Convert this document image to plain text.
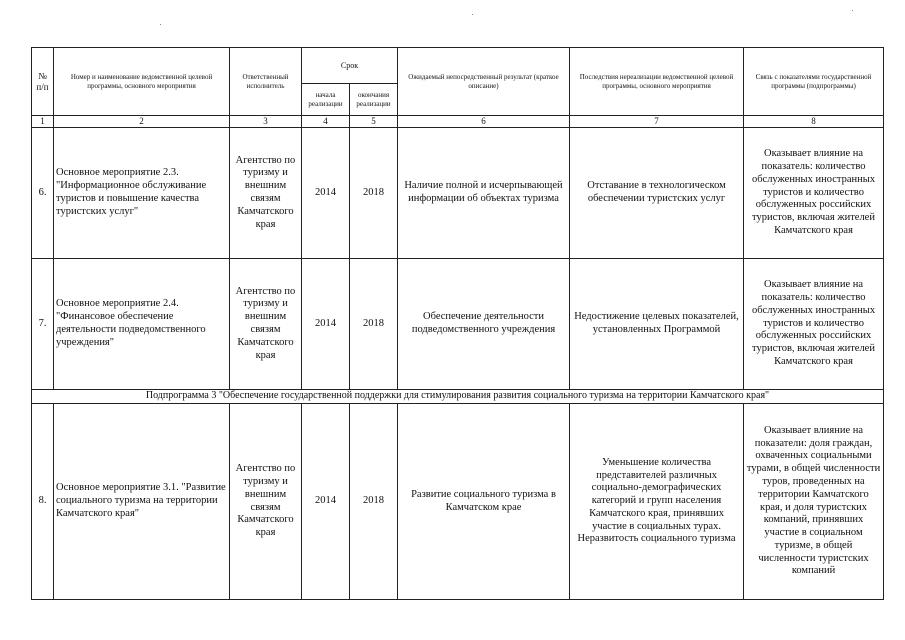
№ п/п	Номер и наименование ведомственной целевой программы, основного мероприятия	Ответственный исполнитель	Срок		Ожидаемый непосредственный результат (краткое описание)	Последствия нереализации ведомственной целевой программы, основного мероприятия	Связь с показателями государственной программы (подпрограммы)
			начала реализации	окончания реализации			
1	2	3	4	5	6	7	8
6.	Основное мероприятие 2.3. "Информационное обслуживание туристов и повышение качества туристских услуг"	Агентство по туризму и внешним связям Камчатского края	2014	2018	Наличие полной и исчерпывающей информации об объектах туризма	Отставание в технологическом обеспечении туристских услуг	Оказывает влияние на показатель: количество обслуженных иностранных туристов и количество обслуженных российских туристов, включая жителей Камчатского края
7.	Основное мероприятие 2.4. "Финансовое обеспечение деятельности подведомственного учреждения"	Агентство по туризму и внешним связям Камчатского края	2014	2018	Обеспечение деятельности подведомственного учреждения	Недостижение целевых показателей, установленных Программой	Оказывает влияние на показатель: количество обслуженных иностранных туристов и количество обслуженных российских туристов, включая жителей Камчатского края
Подпрограмма 3 "Обеспечение государственной поддержки для стимулирования развития социального туризма на территории Камчатского края"							
8.	Основное мероприятие 3.1. "Развитие социального туризма на территории Камчатского края"	Агентство по туризму и внешним связям Камчатского края	2014	2018	Развитие социального туризма в Камчатском крае	Уменьшение количества представителей различных социально-демографических категорий и групп населения Камчатского края, принявших участие в социальных турах. Неразвитость социального туризма	Оказывает влияние на показатели: доля граждан, охваченных социальными турами, в общей численности туров, проведенных на территории Камчатского края, и доля туристских компаний, принявших участие в социальном туризме, в общей численности туристских компаний
